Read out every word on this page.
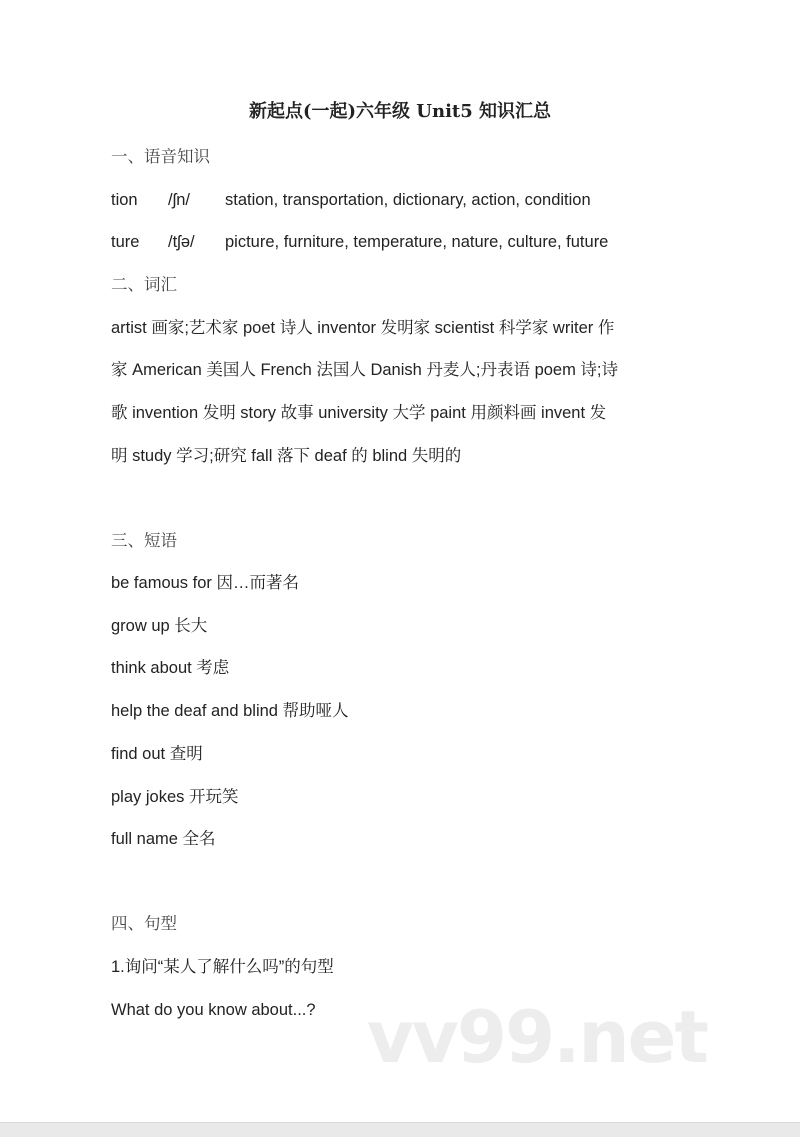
新起点(一起)六年级 Unit5 知识汇总
一、语音知识
tion /ʃn/ station, transportation, dictionary, action, condition
ture /tʃə/ picture, furniture, temperature, nature, culture, future
二、词汇
artist 画家;艺术家 poet 诗人 inventor 发明家 scientist 科学家 writer 作
家 American 美国人 French 法国人 Danish 丹麦人;丹表语 poem 诗;诗
歌 invention 发明 story 故事 university 大学 paint 用颜料画 invent 发
明 study 学习;研究 fall 落下 deaf 的 blind 失明的
三、短语
be famous for 因…而著名
grow up 长大
think about 考虑
help the deaf and blind 帮助哑人
find out 查明
play jokes 开玩笑
full name 全名
四、句型
1.询问“某人了解什么吗”的句型
What do you know about...? vv99.net
